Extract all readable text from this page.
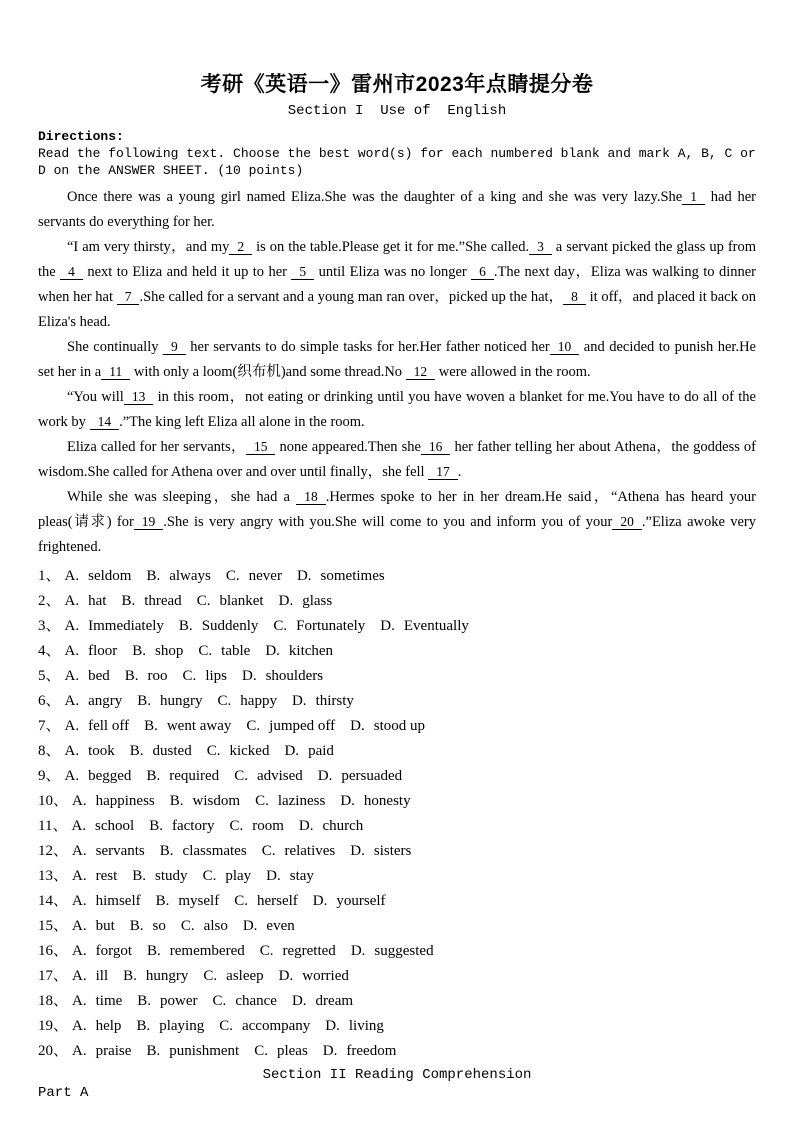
考研《英语一》雷州市2023年点睛提分卷
Section I  Use of  English
Directions:
Read the following text. Choose the best word(s) for each numbered blank and mark A, B, C or D on the ANSWER SHEET. (10 points)

Once there was a young girl named Eliza.She was the daughter of a king and she was very lazy.She 1 had her servants do everything for her.

“I am very thirsty，and my 2 is on the table.Please get it for me.”She called. 3 a servant picked the glass up from the 4 next to Eliza and held it up to her 5 until Eliza was no longer 6 .The next day，Eliza was walking to dinner when her hat 7 .She called for a servant and a young man ran over，picked up the hat， 8 it off，and placed it back on Eliza's head.

She continually 9 her servants to do simple tasks for her.Her father noticed her 10 and decided to punish her.He set her in a 11 with only a loom(织布机)and some thread.No 12 were allowed in the room.

“You will 13 in this room，not eating or drinking until you have woven a blanket for me.You have to do all of the work by 14 .”The king left Eliza all alone in the room.

Eliza called for her servants， 15 none appeared.Then she 16 her father telling her about Athena，the goddess of wisdom.She called for Athena over and over until finally，she fell 17 .

While she was sleeping，she had a 18 .Hermes spoke to her in her dream.He said，“Athena has heard your pleas(请求) for 19 .She is very angry with you.She will come to you and inform you of your 20 .”Eliza awoke very frightened.

1、 A. seldom B. always C. never D. sometimes
2、 A. hat B. thread C. blanket D. glass
3、 A. Immediately B. Suddenly C. Fortunately D. Eventually
4、 A. floor B. shop C. table D. kitchen
5、 A. bed B. roo C. lips D. shoulders
6、 A. angry B. hungry C. happy D. thirsty
7、 A. fell off B. went away C. jumped off D. stood up
8、 A. took B. dusted C. kicked D. paid
9、 A. begged B. required C. advised D. persuaded
10、 A. happiness B. wisdom C. laziness D. honesty
11、 A. school B. factory C. room D. church
12、 A. servants B. classmates C. relatives D. sisters
13、 A. rest B. study C. play D. stay
14、 A. himself B. myself C. herself D. yourself
15、 A. but B. so C. also D. even
16、 A. forgot B. remembered C. regretted D. suggested
17、 A. ill B. hungry C. asleep D. worried
18、 A. time B. power C. chance D. dream
19、 A. help B. playing C. accompany D. living
20、 A. praise B. punishment C. pleas D. freedom
Section II Reading Comprehension
Part A
